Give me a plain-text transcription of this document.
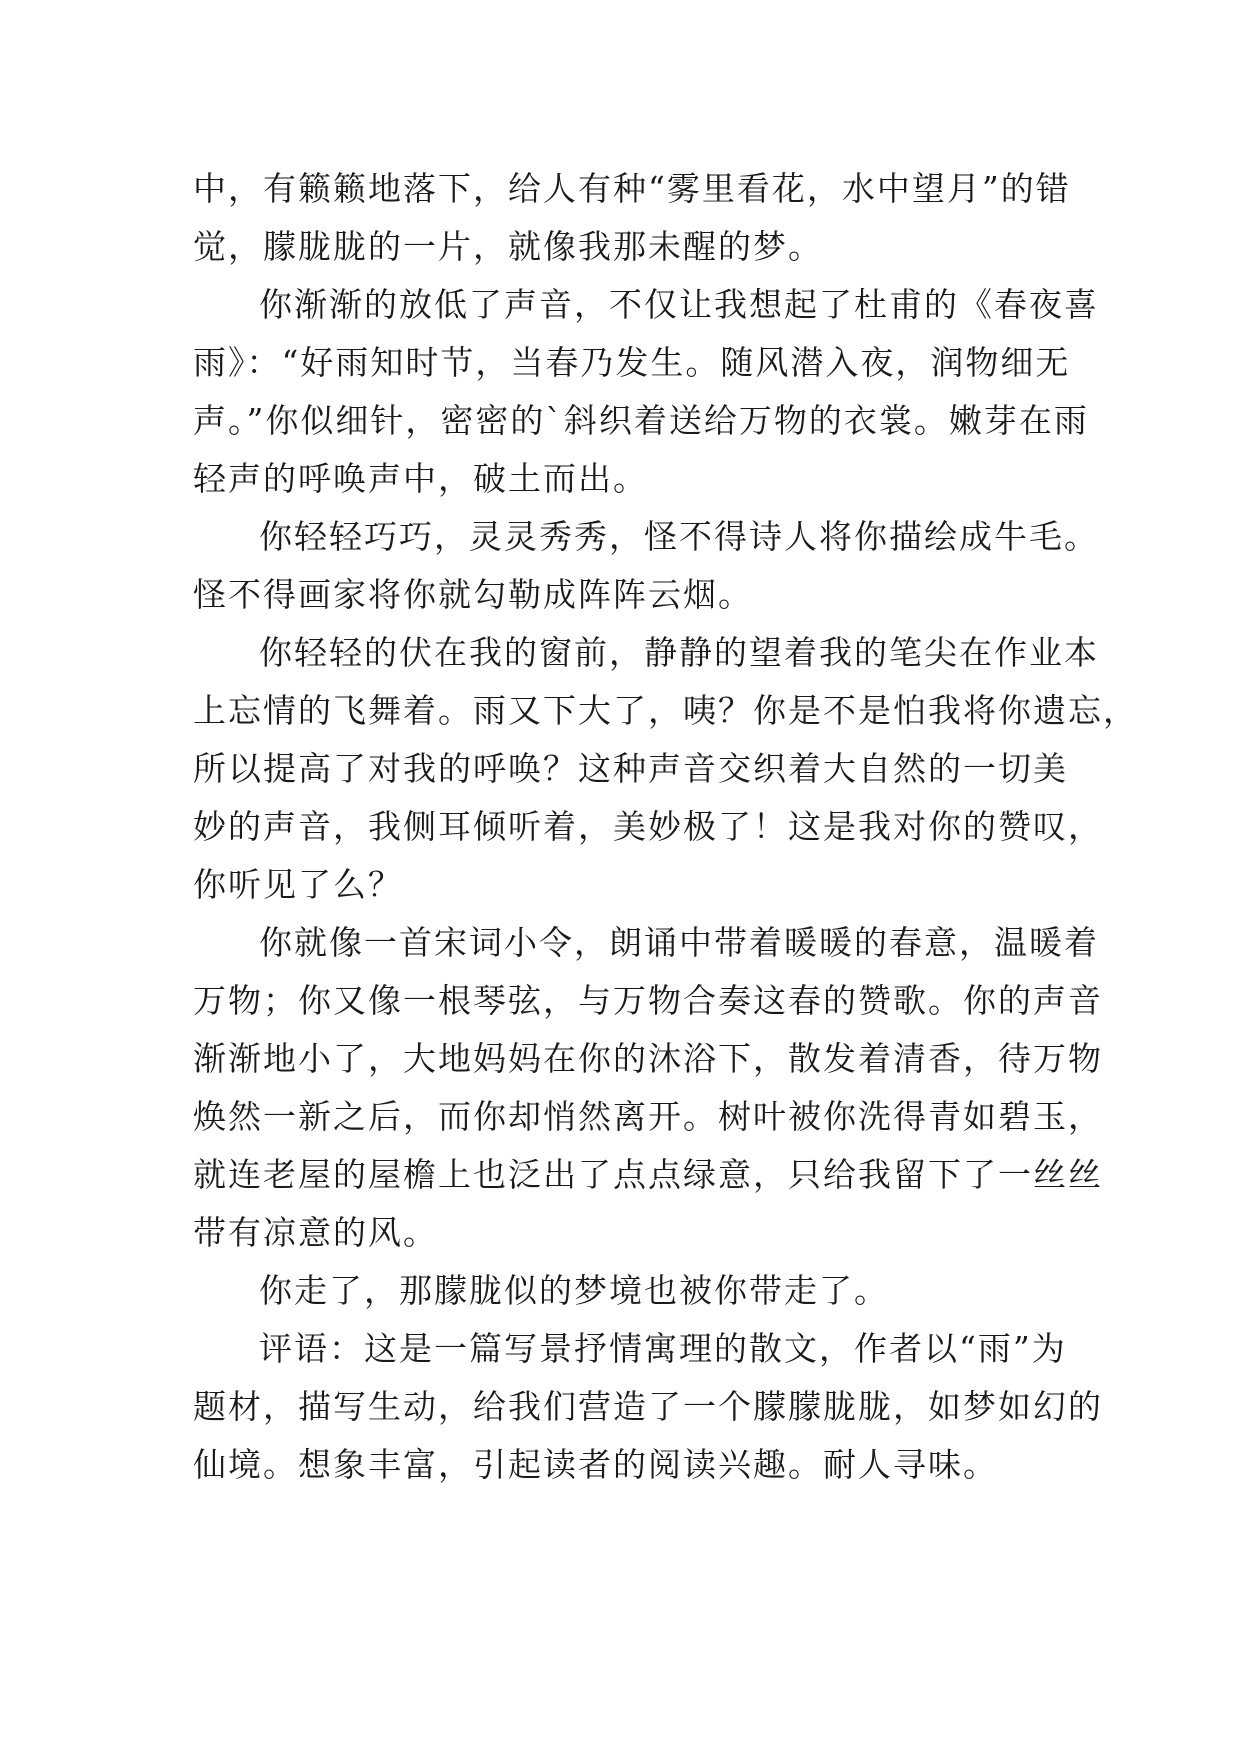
中，有籁籁地落下，给人有种“雾里看花，水中望月”的错
觉，朦胧胧的一片，就像我那未醒的梦。
你渐渐的放低了声音，不仅让我想起了杜甫的《春夜喜
雨》：“好雨知时节，当春乃发生。随风潜入夜，润物细无
声。”你似细针，密密的`斜织着送给万物的衣裳。嫩芽在雨
轻声的呼唤声中，破土而出。
你轻轻巧巧，灵灵秀秀，怪不得诗人将你描绘成牛毛。
怪不得画家将你就勾勒成阵阵云烟。
你轻轻的伏在我的窗前，静静的望着我的笔尖在作业本
上忘情的飞舞着。雨又下大了，咦？你是不是怕我将你遗忘，
所以提高了对我的呼唤？这种声音交织着大自然的一切美
妙的声音，我侧耳倾听着，美妙极了！这是我对你的赞叹，
你听见了么？
你就像一首宋词小令，朗诵中带着暖暖的春意，温暖着
万物；你又像一根琴弦，与万物合奏这春的赞歌。你的声音
渐渐地小了，大地妈妈在你的沐浴下，散发着清香，待万物
焕然一新之后，而你却悄然离开。树叶被你洗得青如碧玉，
就连老屋的屋檐上也泛出了点点绿意，只给我留下了一丝丝
带有凉意的风。
你走了，那朦胧似的梦境也被你带走了。
评语：这是一篇写景抒情寓理的散文，作者以“雨”为
题材，描写生动，给我们营造了一个朦朦胧胧，如梦如幻的
仙境。想象丰富，引起读者的阅读兴趣。耐人寻味。
